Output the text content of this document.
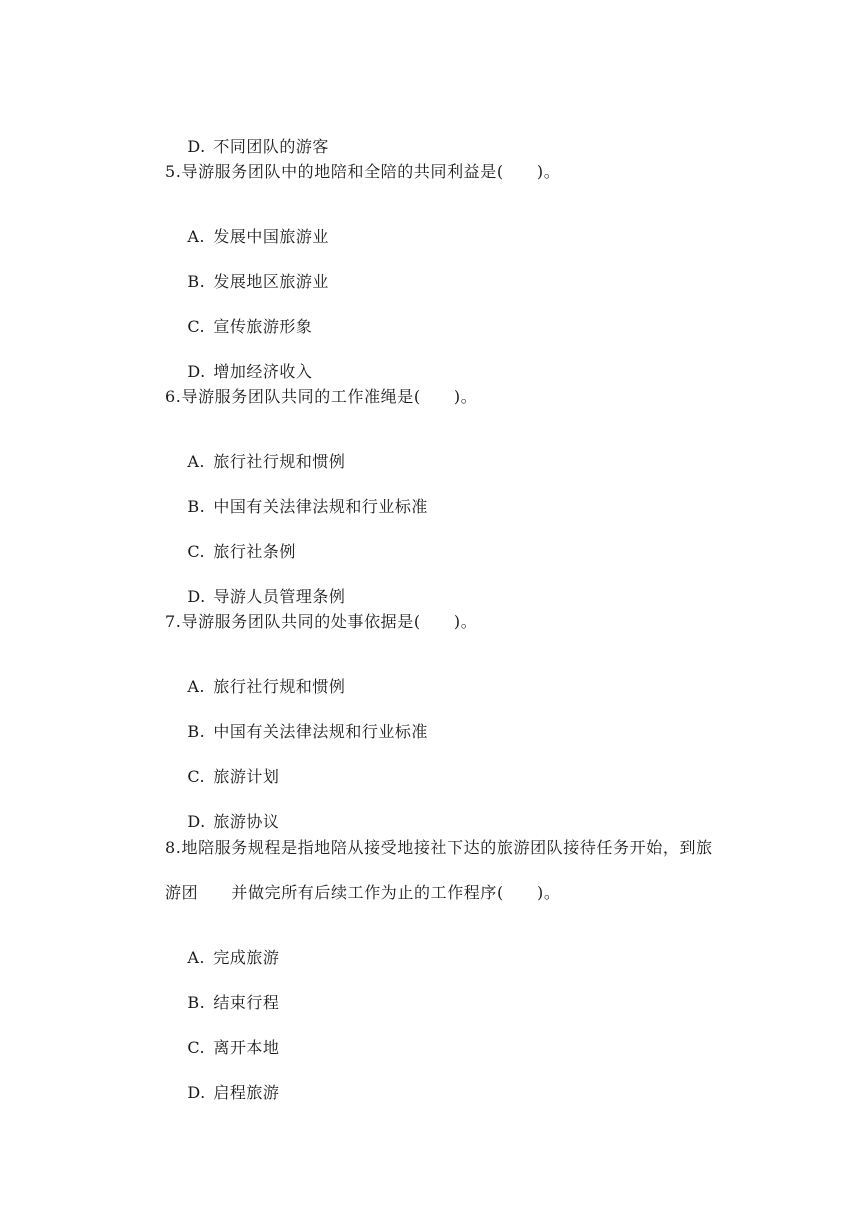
D. 不同团队的游客

5.导游服务团队中的地陪和全陪的共同利益是(　　)。

A. 发展中国旅游业

B. 发展地区旅游业

C. 宣传旅游形象

D. 增加经济收入

6.导游服务团队共同的工作准绳是(　　)。

A. 旅行社行规和惯例

B. 中国有关法律法规和行业标准

C. 旅行社条例

D. 导游人员管理条例

7.导游服务团队共同的处事依据是(　　)。

A. 旅行社行规和惯例

B. 中国有关法律法规和行业标准

C. 旅游计划

D. 旅游协议

8.地陪服务规程是指地陪从接受地接社下达的旅游团队接待任务开始，到旅
游团　　并做完所有后续工作为止的工作程序(　　)。

A. 完成旅游

B. 结束行程

C. 离开本地

D. 启程旅游
